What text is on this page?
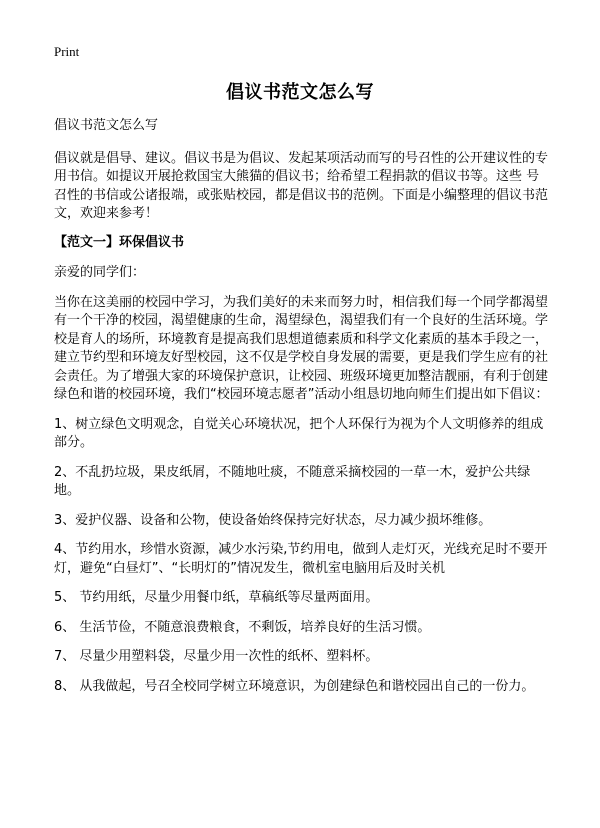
Print
倡议书范文怎么写

倡议书范文怎么写

倡议就是倡导、建议。倡议书是为倡议、发起某项活动而写的号召性的公开建议性的专用书信。如提议开展抢救国宝大熊猫的倡议书；给希望工程捐款的倡议书等。这些 号召性的书信或公诸报端，或张贴校园，都是倡议书的范例。下面是小编整理的倡议书范文，欢迎来参考！

【范文一】环保倡议书

亲爱的同学们：

当你在这美丽的校园中学习，为我们美好的未来而努力时，相信我们每一个同学都渴望有一个干净的校园，渴望健康的生命，渴望绿色，渴望我们有一个良好的生活环境。学校是育人的场所，环境教育是提高我们思想道德素质和科学文化素质的基本手段之一，建立节约型和环境友好型校园，这不仅是学校自身发展的需要，更是我们学生应有的社会责任。为了增强大家的环境保护意识，让校园、班级环境更加整洁靓丽，有利于创建绿色和谐的校园环境，我们“校园环境志愿者”活动小组恳切地向师生们提出如下倡议：

1、树立绿色文明观念，自觉关心环境状况，把个人环保行为视为个人文明修养的组成部分。

2、不乱扔垃圾，果皮纸屑，不随地吐痰，不随意采摘校园的一草一木，爱护公共绿地。

3、爱护仪器、设备和公物，使设备始终保持完好状态，尽力减少损坏维修。

4、节约用水，珍惜水资源，减少水污染,节约用电，做到人走灯灭，光线充足时不要开灯，避免“白昼灯”、“长明灯的”情况发生，微机室电脑用后及时关机

5、 节约用纸，尽量少用餐巾纸，草稿纸等尽量两面用。

6、 生活节俭，不随意浪费粮食，不剩饭，培养良好的生活习惯。

7、 尽量少用塑料袋，尽量少用一次性的纸杯、塑料杯。

8、 从我做起，号召全校同学树立环境意识，为创建绿色和谐校园出自己的一份力。
